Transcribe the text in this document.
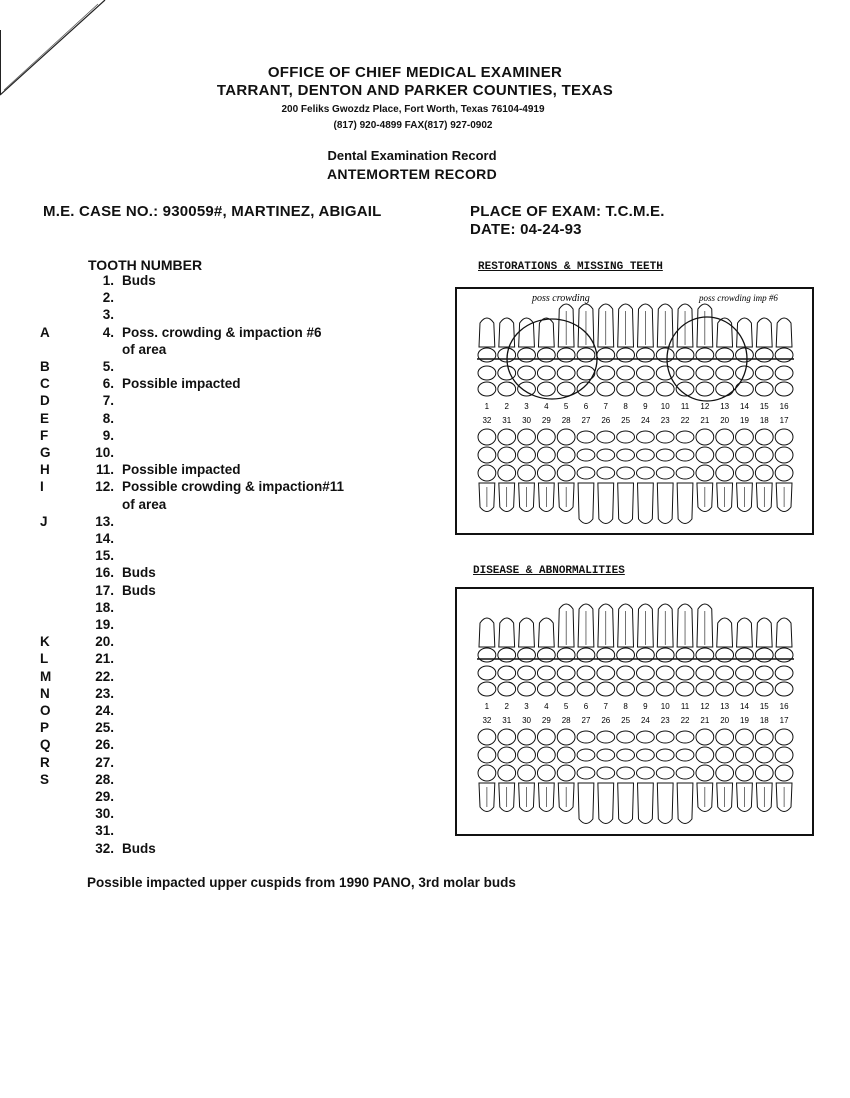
OFFICE OF CHIEF MEDICAL EXAMINER
TARRANT, DENTON AND PARKER COUNTIES, TEXAS
200 Feliks Gwozdz Place, Fort Worth, Texas 76104-4919
(817) 920-4899 FAX(817) 927-0902
Dental Examination Record
ANTEMORTEM RECORD
M.E. CASE NO.: 930059#, MARTINEZ, ABIGAIL	PLACE OF EXAM: T.C.M.E.
DATE: 04-24-93
TOOTH NUMBER
1. Buds
2.
3.
A	4. Poss. crowding & impaction #6
of area
B	5.
C	6. Possible impacted
D	7.
E	8.
F	9.
G	10.
H	11. Possible impacted
I	12. Possible crowding & impaction#11
of area
J	13.
14.
15.
16. Buds
17. Buds
18.
19.
K	20.
L	21.
M	22.
N	23.
O	24.
P	25.
Q	26.
R	27.
S	28.
29.
30.
31.
32. Buds
RESTORATIONS & MISSING TEETH
DISEASE & ABNORMALITIES
1 2 3 4 5 6 7 8 9 10 11 12 13 14 15 16
32 31 30 29 28 27 26 25 24 23 22 21 20 19 18 17
poss crowding	poss crowding imp #6
1 2 3 4 5 6 7 8 9 10 11 12 13 14 15 16
32 31 30 29 28 27 26 25 24 23 22 21 20 19 18 17
Possible impacted upper cuspids from 1990 PANO, 3rd molar buds
